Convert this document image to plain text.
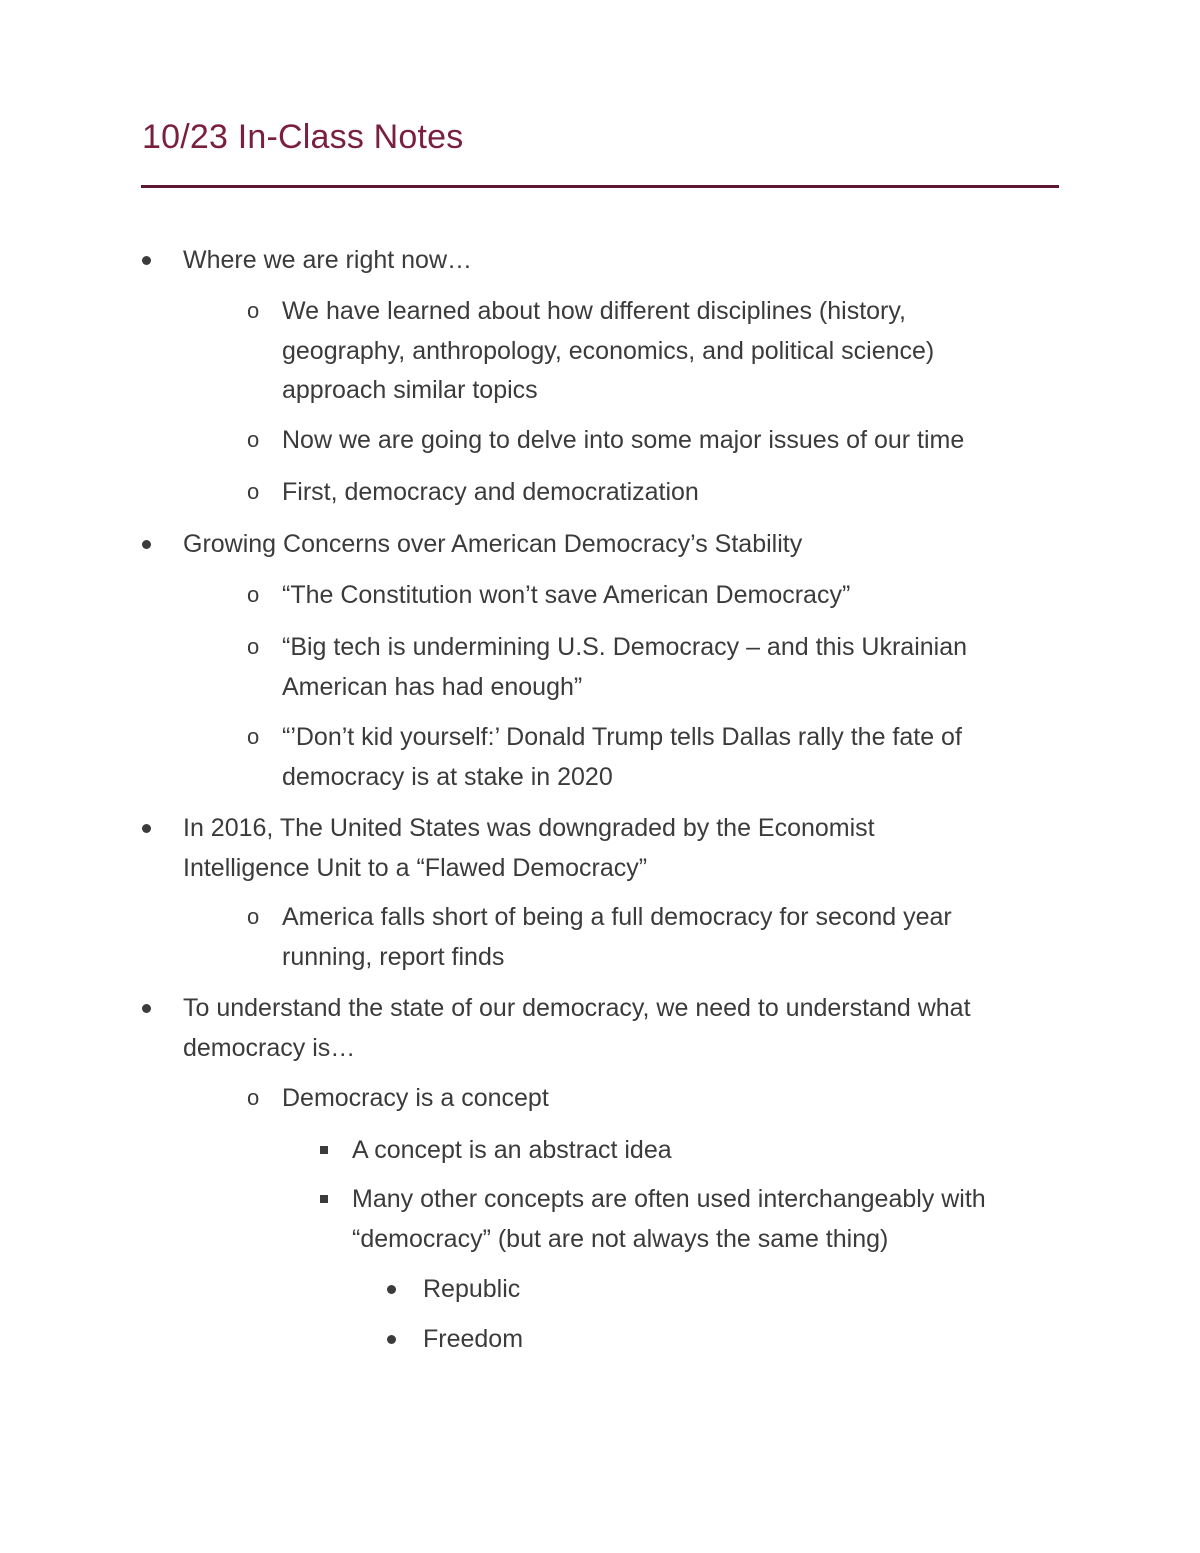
10/23 In-Class Notes
Where we are right now…
o We have learned about how different disciplines (history,
geography, anthropology, economics, and political science)
approach similar topics
o Now we are going to delve into some major issues of our time
o First, democracy and democratization
Growing Concerns over American Democracy’s Stability
o “The Constitution won’t save American Democracy”
o “Big tech is undermining U.S. Democracy – and this Ukrainian
American has had enough”
o “’Don’t kid yourself:’ Donald Trump tells Dallas rally the fate of
democracy is at stake in 2020
In 2016, The United States was downgraded by the Economist
Intelligence Unit to a “Flawed Democracy”
o America falls short of being a full democracy for second year
running, report finds
To understand the state of our democracy, we need to understand what
democracy is…
o Democracy is a concept
A concept is an abstract idea
Many other concepts are often used interchangeably with
“democracy” (but are not always the same thing)
Republic
Freedom
